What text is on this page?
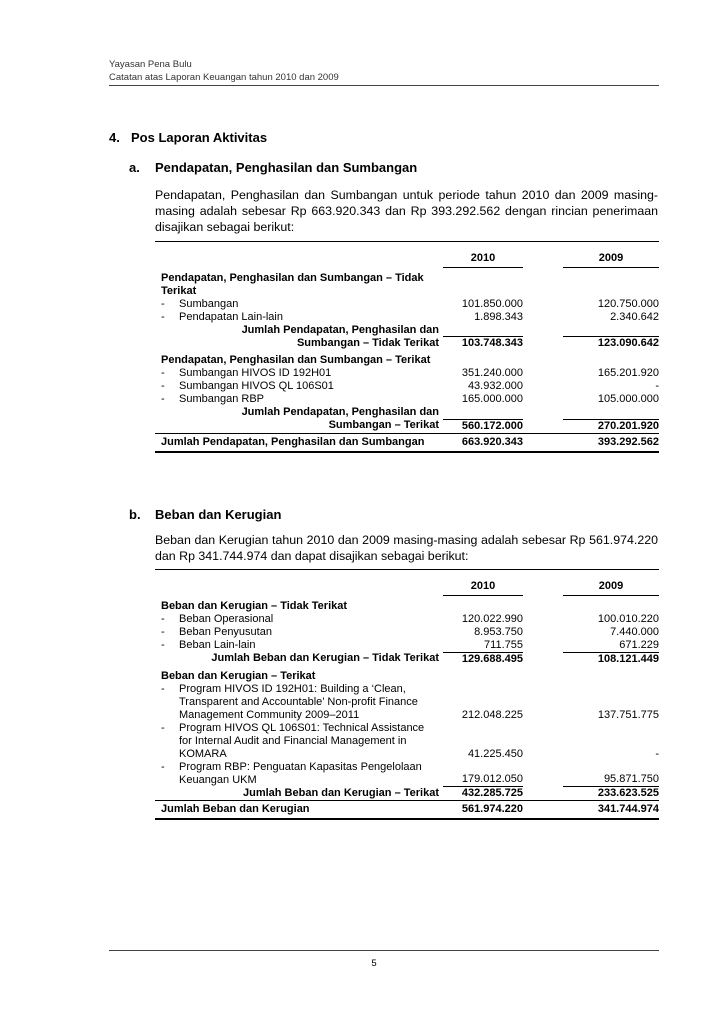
Yayasan Pena Bulu
Catatan atas Laporan Keuangan tahun 2010 dan 2009
4. Pos Laporan Aktivitas
a. Pendapatan, Penghasilan dan Sumbangan
Pendapatan, Penghasilan dan Sumbangan untuk periode tahun 2010 dan 2009 masing-masing adalah sebesar Rp 663.920.343 dan Rp 393.292.562 dengan rincian penerimaan disajikan sebagai berikut:

		2010		2009
Pendapatan, Penghasilan dan Sumbangan – Tidak Terikat				
- Sumbangan		101.850.000		120.750.000
- Pendapatan Lain-lain		1.898.343		2.340.642
Jumlah Pendapatan, Penghasilan dan				
Sumbangan – Tidak Terikat		103.748.343		123.090.642
Pendapatan, Penghasilan dan Sumbangan – Terikat				
- Sumbangan HIVOS ID 192H01		351.240.000		165.201.920
- Sumbangan HIVOS QL 106S01		43.932.000		-
- Sumbangan RBP		165.000.000		105.000.000
Jumlah Pendapatan, Penghasilan dan				
Sumbangan – Terikat		560.172.000		270.201.920
Jumlah Pendapatan, Penghasilan dan Sumbangan		663.920.343		393.292.562
b. Beban dan Kerugian
Beban dan Kerugian tahun 2010 dan 2009 masing-masing adalah sebesar Rp 561.974.220 dan Rp 341.744.974 dan dapat disajikan sebagai berikut:

		2010		2009
Beban dan Kerugian – Tidak Terikat				
- Beban Operasional		120.022.990		100.010.220
- Beban Penyusutan		8.953.750		7.440.000
- Beban Lain-lain		711.755		671.229
Jumlah Beban dan Kerugian – Tidak Terikat		129.688.495		108.121.449
Beban dan Kerugian – Terikat				
- Program HIVOS ID 192H01: Building a ‘Clean, Transparent and Accountable’ Non-profit Finance Management Community 2009–2011		212.048.225		137.751.775
- Program HIVOS QL 106S01: Technical Assistance for Internal Audit and Financial Management in KOMARA		41.225.450		-
- Program RBP: Penguatan Kapasitas Pengelolaan Keuangan UKM		179.012.050		95.871.750
Jumlah Beban dan Kerugian – Terikat		432.285.725		233.623.525
Jumlah Beban dan Kerugian		561.974.220		341.744.974
5
